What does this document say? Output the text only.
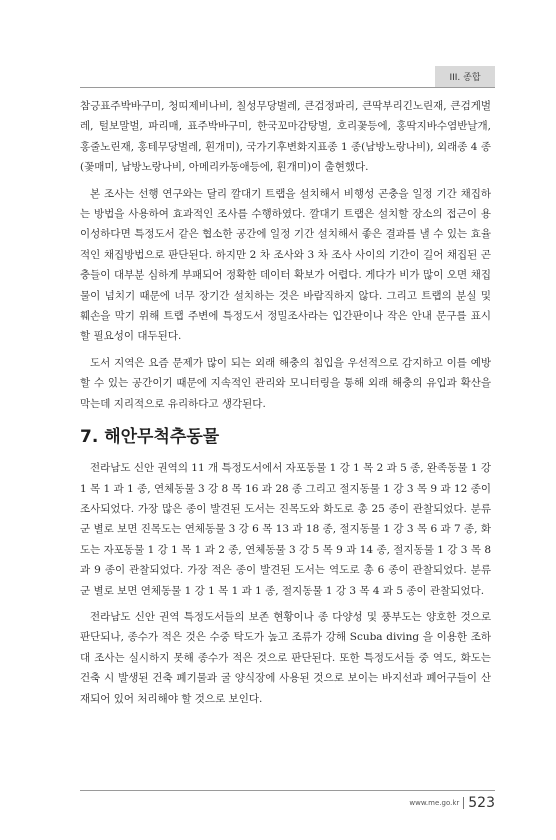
III. 종합

참긍표주박바구미, 청띠제비나비, 칠성무당벌레, 큰검정파리, 큰딱부리긴노린재, 큰검게벌레, 털보말벌, 파리매, 표주박바구미, 한국꼬마감탕벌, 호리꽃등에, 홍딱지바수염반날개, 홍줄노린재, 홍테무당벌레, 흰개미), 국가기후변화지표종 1 종(남방노랑나비), 외래종 4 종(꽃매미, 남방노랑나비, 아메리카동애등에, 흰개미)이 출현했다.

본 조사는 선행 연구와는 달리 깔대기 트랩을 설치해서 비행성 곤충을 일정 기간 채집하는 방법을 사용하여 효과적인 조사를 수행하였다. 깔대기 트랩은 설치할 장소의 접근이 용이성하다면 특정도서 같은 협소한 공간에 일정 기간 설치해서 좋은 결과를 낼 수 있는 효율적인 채집방법으로 판단된다. 하지만 2 차 조사와 3 차 조사 사이의 기간이 길어 채집된 곤충들이 대부분 심하게 부패되어 정확한 데이터 확보가 어렵다. 게다가 비가 많이 오면 채집물이 넘치기 때문에 너무 장기간 설치하는 것은 바람직하지 않다. 그리고 트랩의 분실 및 훼손을 막기 위해 트랩 주변에 특정도서 정밀조사라는 입간판이나 작은 안내 문구를 표시할 필요성이 대두된다.

도서 지역은 요즘 문제가 많이 되는 외래 해충의 침입을 우선적으로 감지하고 이를 예방할 수 있는 공간이기 때문에 지속적인 관리와 모니터링을 통해 외래 해충의 유입과 확산을 막는데 지리적으로 유리하다고 생각된다.

7. 해안무척추동물

전라남도 신안 권역의 11 개 특정도서에서 자포동물 1 강 1 목 2 과 5 종, 완족동물 1 강 1 목 1 과 1 종, 연체동물 3 강 8 목 16 과 28 종 그리고 절지동물 1 강 3 목 9 과 12 종이 조사되었다. 가장 많은 종이 발견된 도서는 진목도와 화도로 총 25 종이 관찰되었다. 분류군 별로 보면 진목도는 연체동물 3 강 6 목 13 과 18 종, 절지동물 1 강 3 목 6 과 7 종, 화도는 자포동물 1 강 1 목 1 과 2 종, 연체동물 3 강 5 목 9 과 14 종, 절지동물 1 강 3 목 8 과 9 종이 관찰되었다. 가장 적은 종이 발견된 도서는 역도로 총 6 종이 관찰되었다. 분류군 별로 보면 연체동물 1 강 1 목 1 과 1 종, 절지동물 1 강 3 목 4 과 5 종이 관찰되었다.

전라남도 신안 권역 특정도서들의 보존 현황이나 종 다양성 및 풍부도는 양호한 것으로 판단되나, 종수가 적은 것은 수중 탁도가 높고 조류가 강해 Scuba diving 을 이용한 조하대 조사는 실시하지 못해 종수가 적은 것으로 판단된다. 또한 특정도서들 중 역도, 화도는 건축 시 발생된 건축 폐기물과 굴 양식장에 사용된 것으로 보이는 바지선과 폐어구들이 산재되어 있어 처리해야 할 것으로 보인다.

www.me.go.kr 523
